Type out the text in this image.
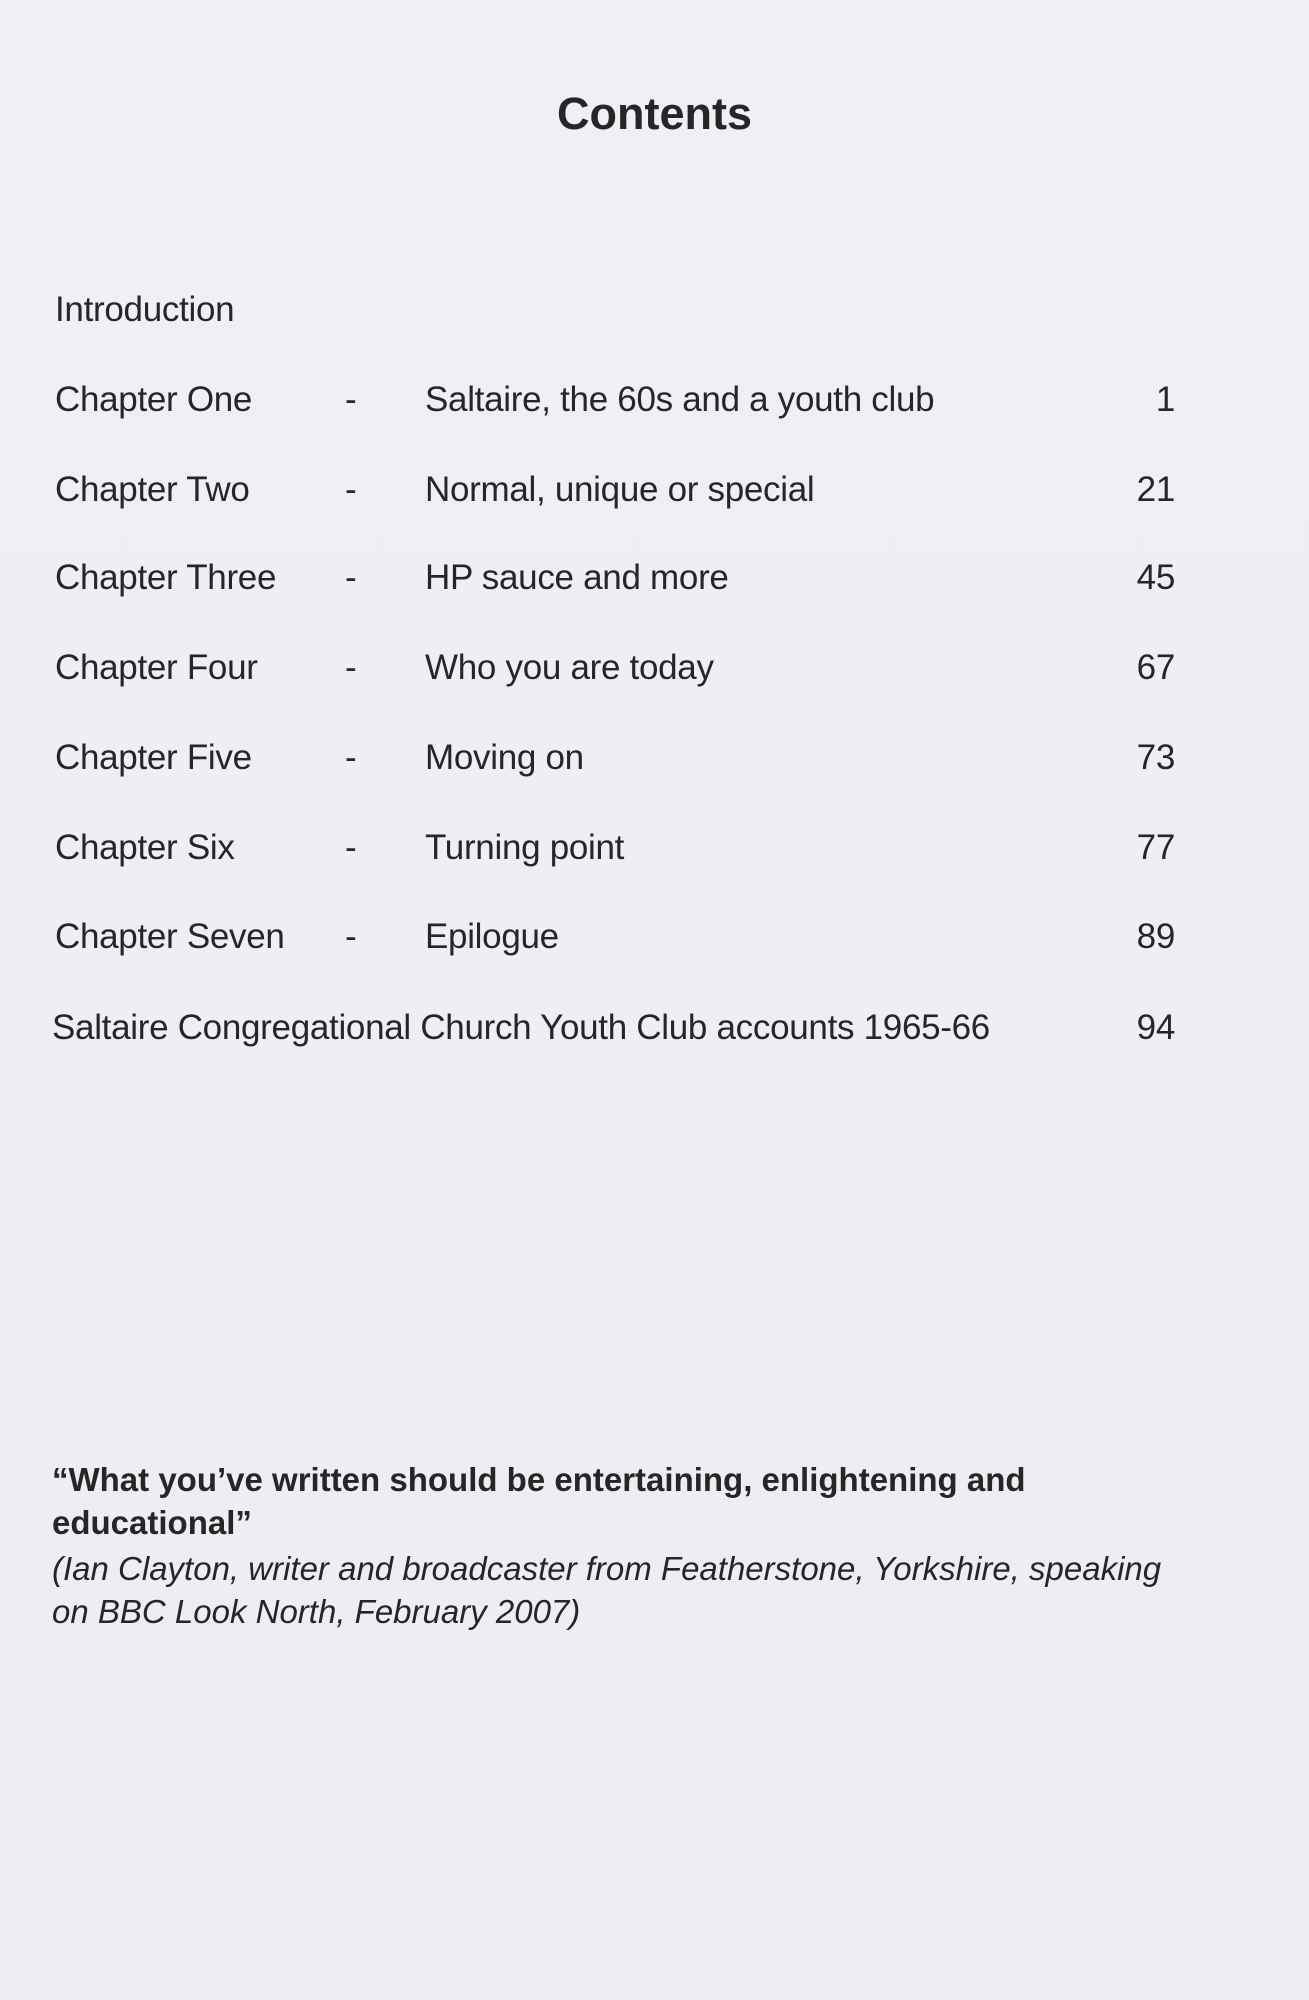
Contents
Introduction
Chapter One	- Saltaire, the 60s and a youth club	1
Chapter Two	- Normal, unique or special	21
Chapter Three - HP sauce and more	45
Chapter Four - Who you are today	67
Chapter Five	- Moving on	73
Chapter Six	- Turning point	77
Chapter Seven - Epilogue	89
Saltaire Congregational Church Youth Club accounts 1965-66	94
“What you’ve written should be entertaining, enlightening and educational”
(Ian Clayton, writer and broadcaster from Featherstone, Yorkshire, speaking on BBC Look North, February 2007)
